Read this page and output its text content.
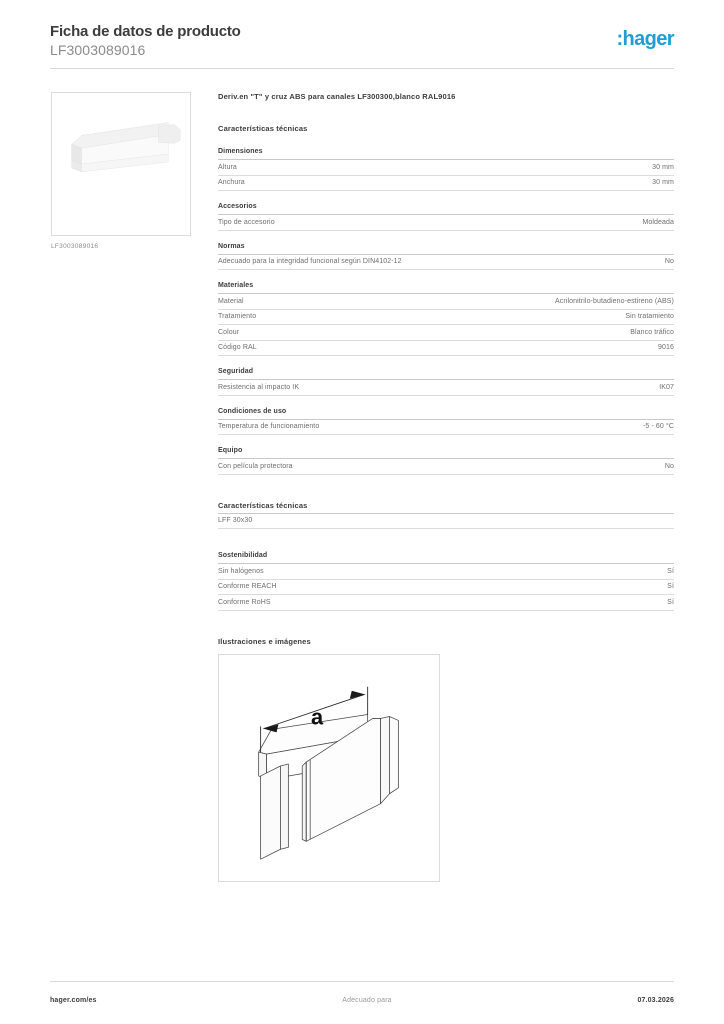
Ficha de datos de producto
LF3003089016	:hager
LF3003089016
Deriv.en "T" y cruz ABS para canales LF300300,blanco RAL9016
Características técnicas
Dimensiones
Altura	30 mm
Anchura	30 mm
Accesorios
Tipo de accesorio	Moldeada
Normas
Adecuado para la integridad funcional según DIN4102-12	No
Materiales
Material	Acrilonitrilo-butadieno-estireno (ABS)
Tratamiento	Sin tratamiento
Colour	Blanco tráfico
Código RAL	9016
Seguridad
Resistencia al impacto IK	IK07
Condiciones de uso
Temperatura de funcionamiento	-5 - 60 °C
Equipo
Con película protectora	No
Características técnicas
LFF 30x30
Sostenibilidad
Sin halógenos	Sí
Conforme REACH	Sí
Conforme RoHS	Sí
Ilustraciones e imágenes
a
hager.com/es	Adecuado para	07.03.2026
